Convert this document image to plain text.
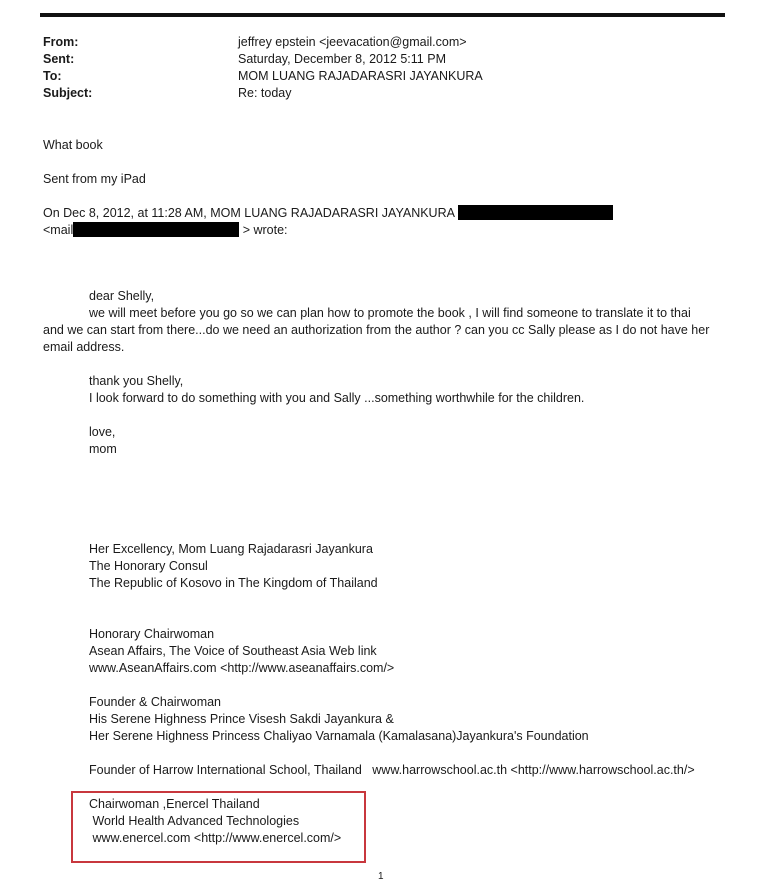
From:	jeffrey epstein <jeevacation@gmail.com>
Sent:	Saturday, December 8, 2012 5:11 PM
To:	MOM LUANG RAJADARASRI JAYANKURA
Subject:	Re: today
What book
Sent from my iPad
On Dec 8, 2012, at 11:28 AM, MOM LUANG RAJADARASRI JAYANKURA
<mail	> wrote:
dear Shelly,
we will meet before you go so we can plan how to promote the book , I will find someone to translate it to thai
and we can start from there...do we need an authorization from the author ? can you cc Sally please as I do not have her
email address.
thank you Shelly,
I look forward to do something with you and Sally ...something worthwhile for the children.
love,
mom
Her Excellency, Mom Luang Rajadarasri Jayankura
The Honorary Consul
The Republic of Kosovo in The Kingdom of Thailand
Honorary Chairwoman
Asean Affairs, The Voice of Southeast Asia Web link
www.AseanAffairs.com <http://www.aseanaffairs.com/>
Founder & Chairwoman
His Serene Highness Prince Visesh Sakdi Jayankura &
Her Serene Highness Princess Chaliyao Varnamala (Kamalasana)Jayankura's Foundation
Founder of Harrow International School, Thailand   www.harrowschool.ac.th <http://www.harrowschool.ac.th/>
Chairwoman ,Enercel Thailand
World Health Advanced Technologies
www.enercel.com <http://www.enercel.com/>
1
